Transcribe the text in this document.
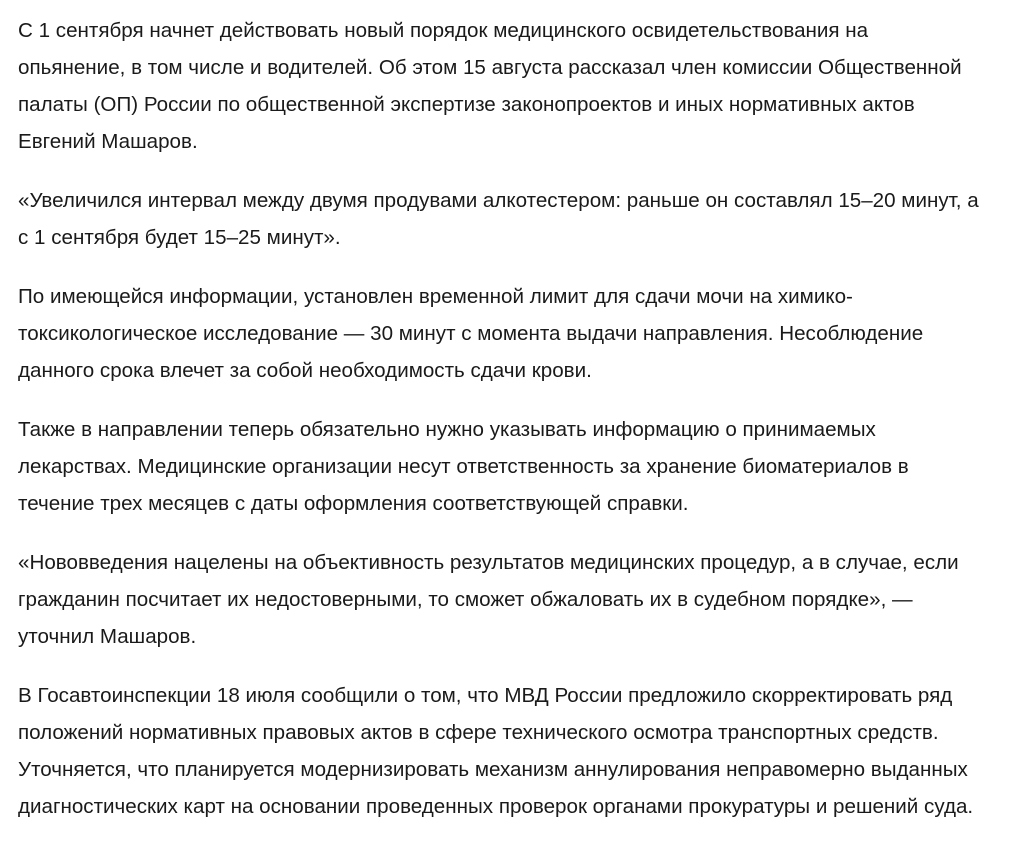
С 1 сентября начнет действовать новый порядок медицинского освидетельствования на
опьянение, в том числе и водителей. Об этом 15 августа рассказал член комиссии Общественной
палаты (ОП) России по общественной экспертизе законопроектов и иных нормативных актов
Евгений Машаров.

«Увеличился интервал между двумя продувами алкотестером: раньше он составлял 15–20 минут, а
с 1 сентября будет 15–25 минут».

По имеющейся информации, установлен временной лимит для сдачи мочи на химико-
токсикологическое исследование — 30 минут с момента выдачи направления. Несоблюдение
данного срока влечет за собой необходимость сдачи крови.

Также в направлении теперь обязательно нужно указывать информацию о принимаемых
лекарствах. Медицинские организации несут ответственность за хранение биоматериалов в
течение трех месяцев с даты оформления соответствующей справки.

«Нововведения нацелены на объективность результатов медицинских процедур, а в случае, если
гражданин посчитает их недостоверными, то сможет обжаловать их в судебном порядке», —
уточнил Машаров.

В Госавтоинспекции 18 июля сообщили о том, что МВД России предложило скорректировать ряд
положений нормативных правовых актов в сфере технического осмотра транспортных средств.
Уточняется, что планируется модернизировать механизм аннулирования неправомерно выданных
диагностических карт на основании проведенных проверок органами прокуратуры и решений суда.
